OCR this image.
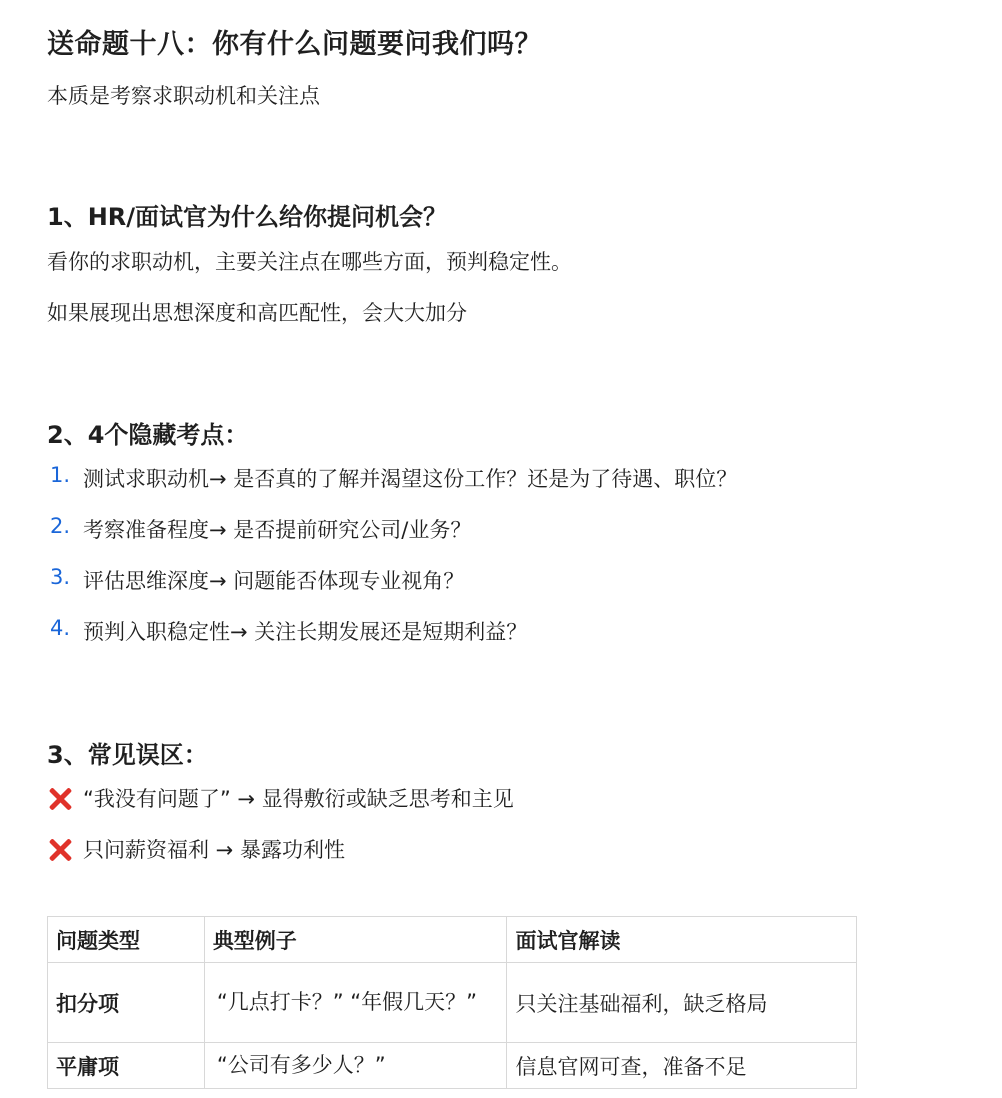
送命题十八：你有什么问题要问我们吗？

本质是考察求职动机和关注点

1、HR/面试官为什么给你提问机会？

看你的求职动机，主要关注点在哪些方面，预判稳定性。

如果展现出思想深度和高匹配性，会大大加分

2、4个隐藏考点：
1. 测试求职动机→ 是否真的了解并渴望这份工作？还是为了待遇、职位？
2. 考察准备程度→ 是否提前研究公司/业务？
3. 评估思维深度→ 问题能否体现专业视角？
4. 预判入职稳定性→ 关注长期发展还是短期利益？
3、常见误区：
“我没有问题了” → 显得敷衍或缺乏思考和主见
只问薪资福利 → 暴露功利性
问题类型	典型例子	面试官解读
扣分项	“几点打卡？” “年假几天？”	只关注基础福利，缺乏格局
平庸项	“公司有多少人？”	信息官网可查，准备不足
